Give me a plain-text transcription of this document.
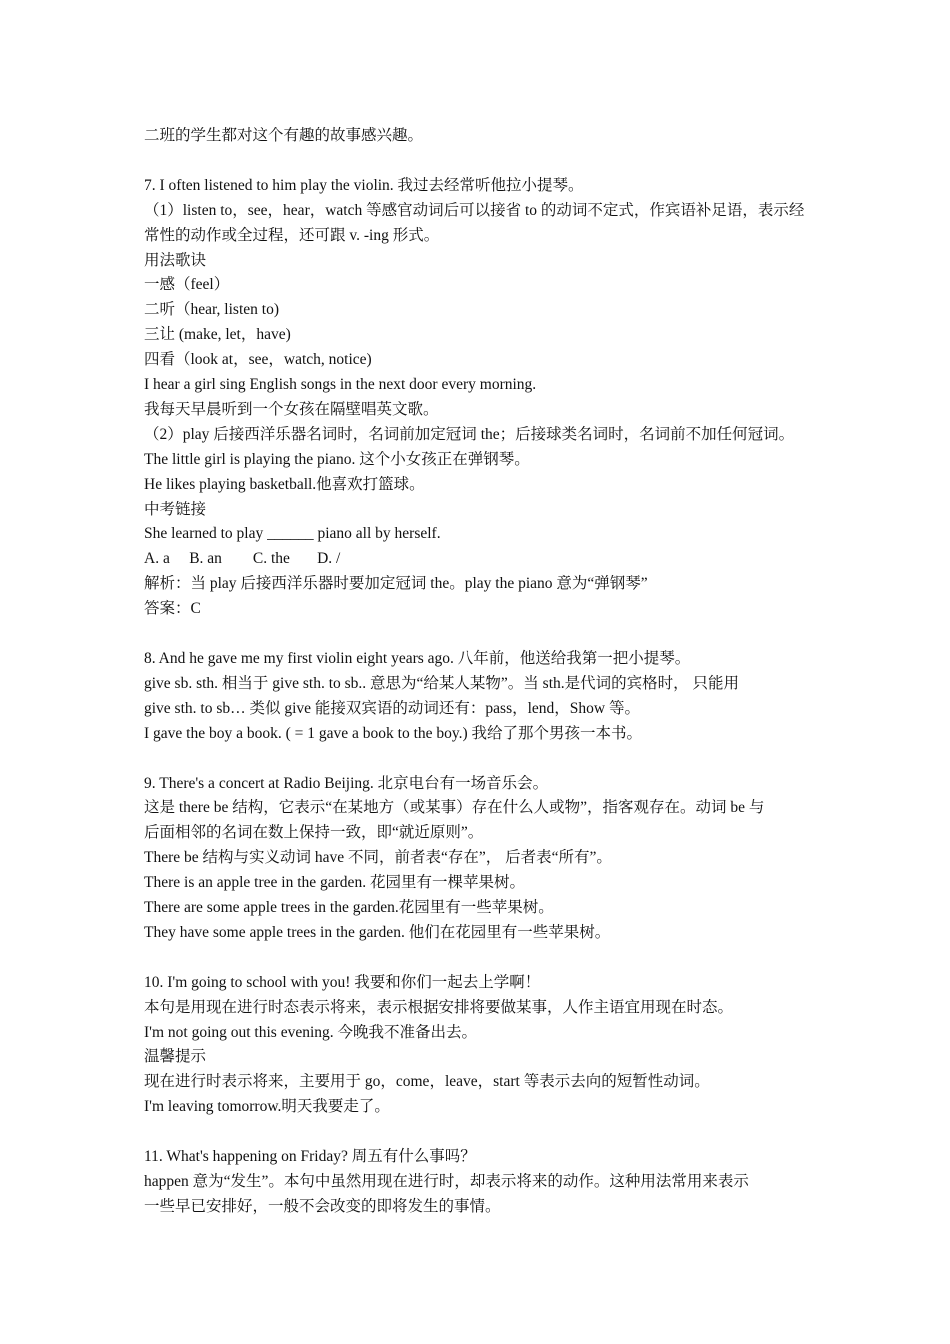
二班的学生都对这个有趣的故事感兴趣。
7. I often listened to him play the violin. 我过去经常听他拉小提琴。
（1）listen to，see，hear，watch 等感官动词后可以接省 to 的动词不定式，作宾语补足语，表示经
常性的动作或全过程，还可跟 v. -ing 形式。
用法歌诀
一感（feel）
二听（hear, listen to)
三让 (make, let，have)
四看（look at，see，watch, notice)
I hear a girl sing English songs in the next door every morning.
我每天早晨听到一个女孩在隔壁唱英文歌。
（2）play 后接西洋乐器名词时，名词前加定冠词 the；后接球类名词时，名词前不加任何冠词。
The little girl is playing the piano. 这个小女孩正在弹钢琴。
He likes playing basketball.他喜欢打篮球。
中考链接
She learned to play ______ piano all by herself.
A. a     B. an        C. the       D. /
解析：当 play 后接西洋乐器时要加定冠词 the。play the piano 意为“弹钢琴”
答案：C
8. And he gave me my first violin eight years ago. 八年前，他送给我第一把小提琴。
give sb. sth. 相当于 give sth. to sb.. 意思为“给某人某物”。当 sth.是代词的宾格时， 只能用
give sth. to sb… 类似 give 能接双宾语的动词还有：pass，lend，Show 等。
I gave the boy a book. ( = 1 gave a book to the boy.) 我给了那个男孩一本书。
9. There's a concert at Radio Beijing. 北京电台有一场音乐会。
这是 there be 结构，它表示“在某地方（或某事）存在什么人或物”，指客观存在。动词 be 与
后面相邻的名词在数上保持一致，即“就近原则”。
There be 结构与实义动词 have 不同，前者表“存在”， 后者表“所有”。
There is an apple tree in the garden. 花园里有一棵苹果树。
There are some apple trees in the garden.花园里有一些苹果树。
They have some apple trees in the garden. 他们在花园里有一些苹果树。
10. I'm going to school with you! 我要和你们一起去上学啊！
本句是用现在进行时态表示将来，表示根据安排将要做某事，人作主语宜用现在时态。
I'm not going out this evening. 今晚我不准备出去。
温馨提示
现在进行时表示将来，主要用于 go，come，leave，start 等表示去向的短暂性动词。
I'm leaving tomorrow.明天我要走了。
11. What's happening on Friday? 周五有什么事吗？
happen 意为“发生”。本句中虽然用现在进行时，却表示将来的动作。这种用法常用来表示
一些早已安排好，一般不会改变的即将发生的事情。
